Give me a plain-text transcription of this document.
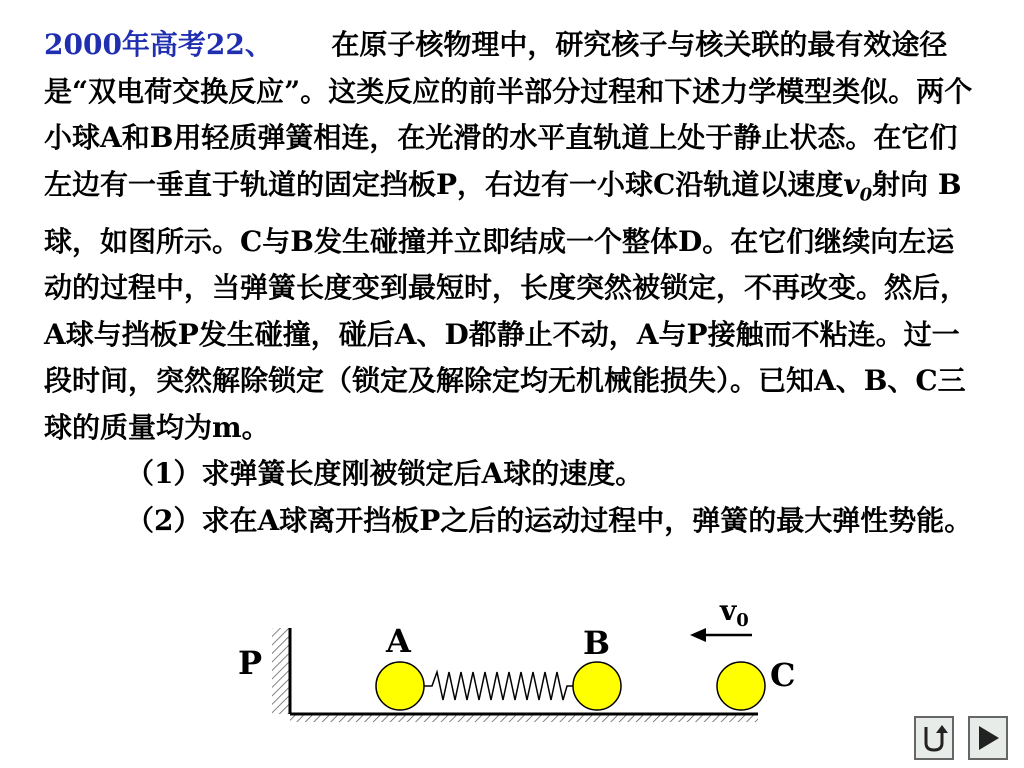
2000年高考22、 在原子核物理中，研究核子与核关联的最有效途径是“双电荷交换反应”。这类反应的前半部分过程和下述力学模型类似。两个小球A和B用轻质弹簧相连，在光滑的水平直轨道上处于静止状态。在它们左边有一垂直于轨道的固定挡板P，右边有一小球C沿轨道以速度$v_0$射向 B球，如图所示。C与B发生碰撞并立即结成一个整体D。在它们继续向左运动的过程中，当弹簧长度变到最短时，长度突然被锁定，不再改变。然后，A球与挡板P发生碰撞，碰后A、D都静止不动，A与P接触而不粘连。过一段时间，突然解除锁定（锁定及解除定均无机械能损失）。已知A、B、C三球的质量均为m。

（1）求弹簧长度刚被锁定后A球的速度。

（2）求在A球离开挡板P之后的运动过程中，弹簧的最大弹性势能。

P
A	B
C
$v_0$
